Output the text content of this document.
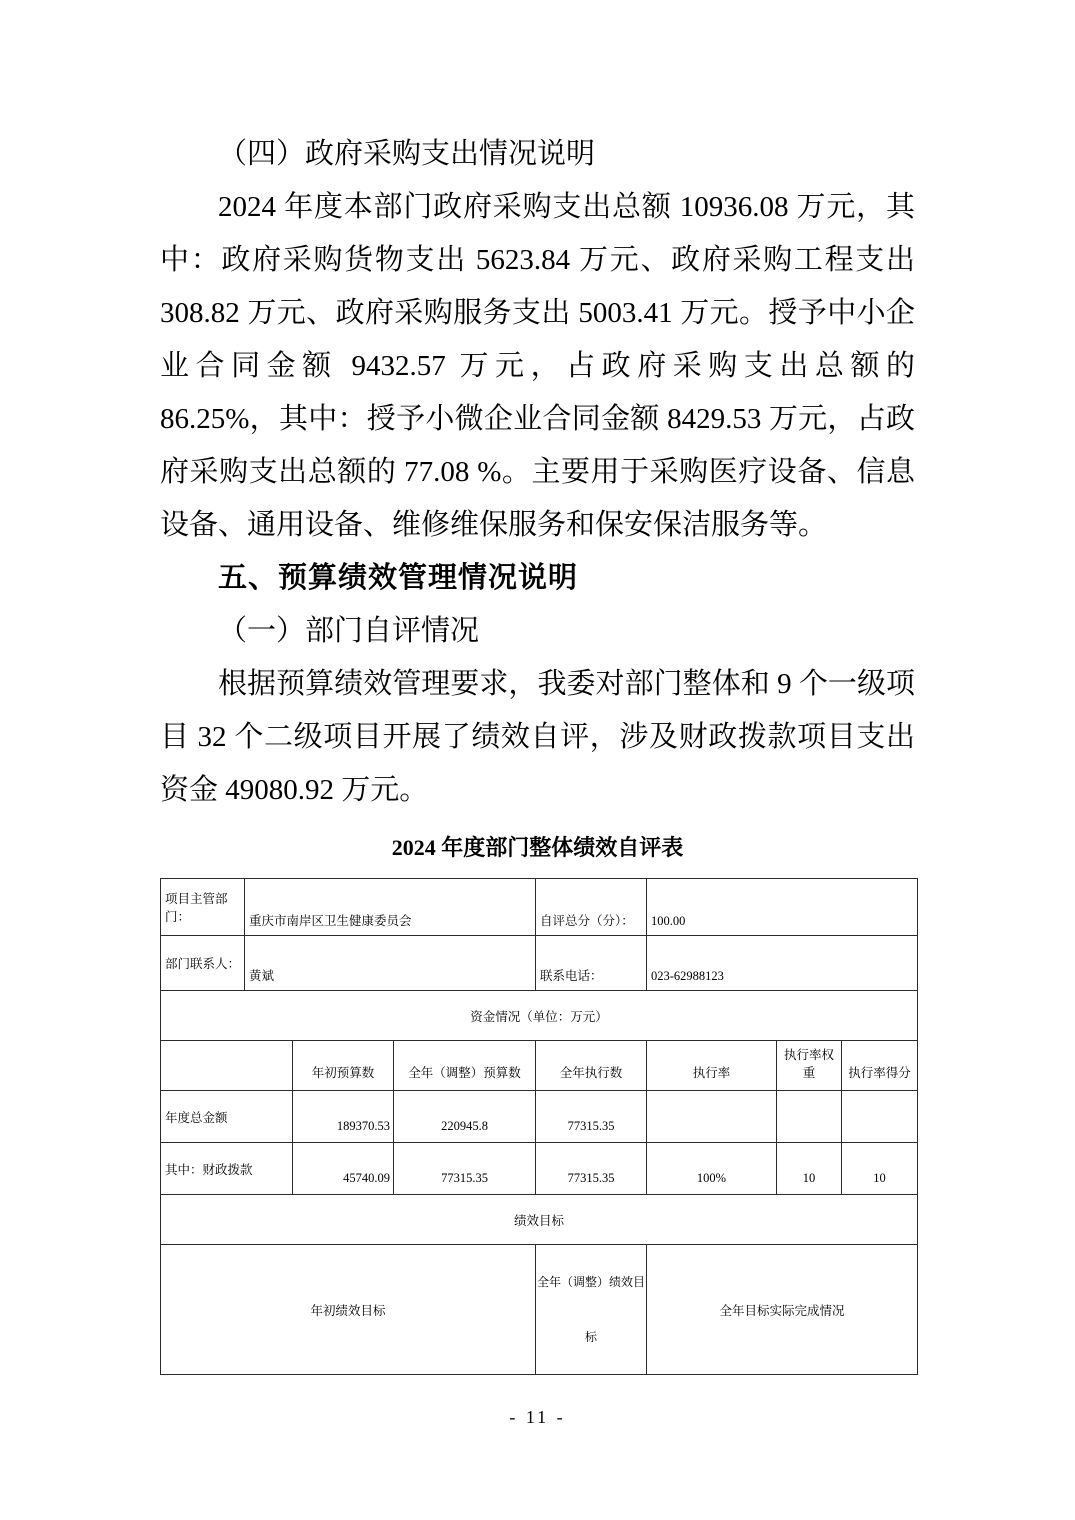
（四）政府采购支出情况说明

2024 年度本部门政府采购支出总额 10936.08 万元，其中：政府采购货物支出 5623.84 万元、政府采购工程支出 308.82 万元、政府采购服务支出 5003.41 万元。授予中小企业合同金额 9432.57 万元，占政府采购支出总额的 86.25%，其中：授予小微企业合同金额 8429.53 万元，占政府采购支出总额的 77.08 %。主要用于采购医疗设备、信息设备、通用设备、维修维保服务和保安保洁服务等。

五、预算绩效管理情况说明

（一）部门自评情况

根据预算绩效管理要求，我委对部门整体和 9 个一级项目 32 个二级项目开展了绩效自评，涉及财政拨款项目支出资金 49080.92 万元。

2024 年度部门整体绩效自评表
项目主管部门：	重庆市南岸区卫生健康委员会			自评总分（分）：	100.00		
部门联系人：	黄斌			联系电话：	023-62988123		
资金情况（单位：万元）							
		年初预算数	全年（调整）预算数	全年执行数	执行率	执行率权重	执行率得分
年度总金额		189370.53	220945.8	77315.35			
其中：财政拨款		45740.09	77315.35	77315.35	100%	10	10
绩效目标							
年初绩效目标				全年（调整）绩效目标	全年目标实际完成情况		
- 11 -
